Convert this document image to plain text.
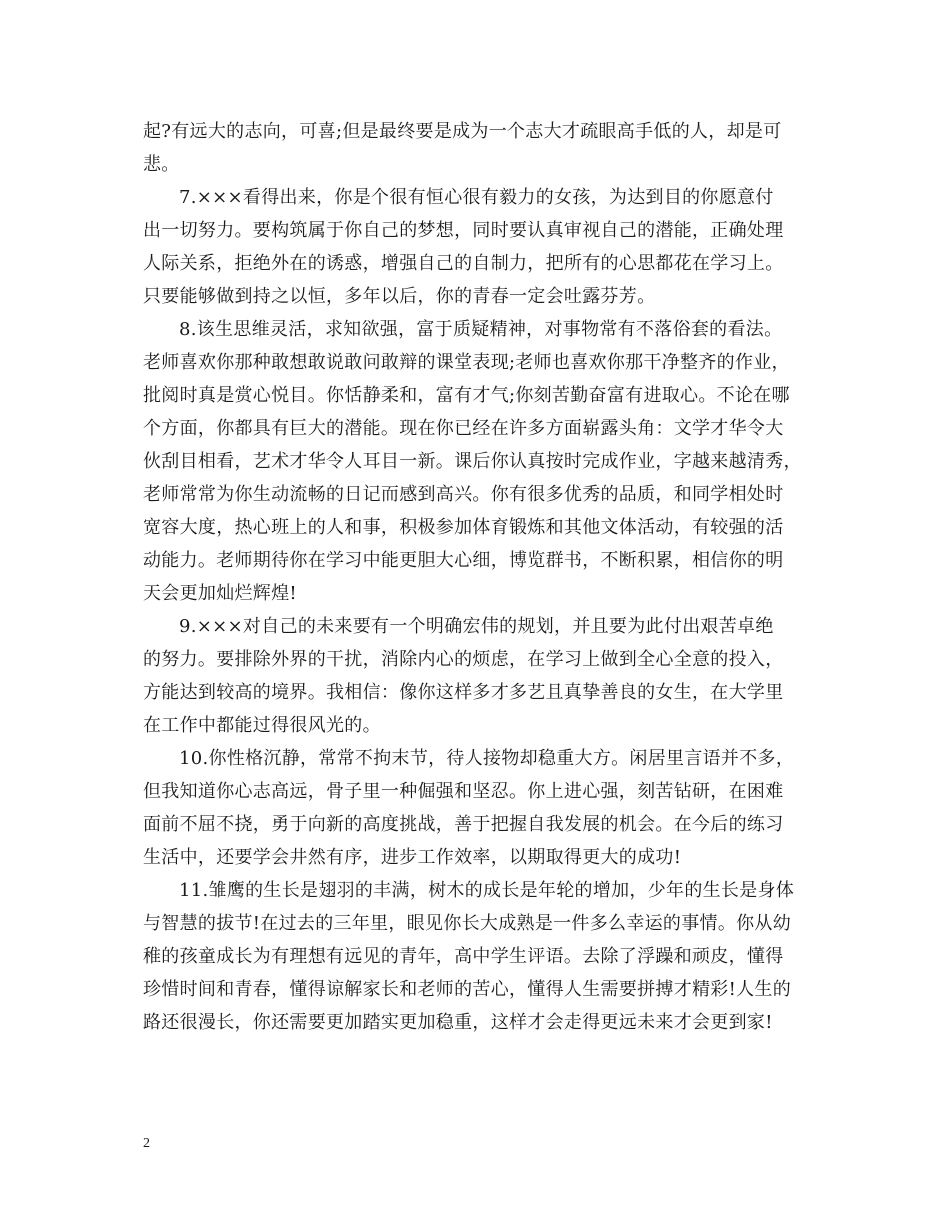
起?有远大的志向，可喜;但是最终要是成为一个志大才疏眼高手低的人，却是可
悲。
7.×××看得出来，你是个很有恒心很有毅力的女孩，为达到目的你愿意付
出一切努力。要构筑属于你自己的梦想，同时要认真审视自己的潜能，正确处理
人际关系，拒绝外在的诱惑，增强自己的自制力，把所有的心思都花在学习上。
只要能够做到持之以恒，多年以后，你的青春一定会吐露芬芳。
8.该生思维灵活，求知欲强，富于质疑精神，对事物常有不落俗套的看法。
老师喜欢你那种敢想敢说敢问敢辩的课堂表现;老师也喜欢你那干净整齐的作业，
批阅时真是赏心悦目。你恬静柔和，富有才气;你刻苦勤奋富有进取心。不论在哪
个方面，你都具有巨大的潜能。现在你已经在许多方面崭露头角：文学才华令大
伙刮目相看，艺术才华令人耳目一新。课后你认真按时完成作业，字越来越清秀，
老师常常为你生动流畅的日记而感到高兴。你有很多优秀的品质，和同学相处时
宽容大度，热心班上的人和事，积极参加体育锻炼和其他文体活动，有较强的活
动能力。老师期待你在学习中能更胆大心细，博览群书，不断积累，相信你的明
天会更加灿烂辉煌!
9.×××对自己的未来要有一个明确宏伟的规划，并且要为此付出艰苦卓绝
的努力。要排除外界的干扰，消除内心的烦虑，在学习上做到全心全意的投入，
方能达到较高的境界。我相信：像你这样多才多艺且真挚善良的女生，在大学里
在工作中都能过得很风光的。
10.你性格沉静，常常不拘末节，待人接物却稳重大方。闲居里言语并不多，
但我知道你心志高远，骨子里一种倔强和坚忍。你上进心强，刻苦钻研，在困难
面前不屈不挠，勇于向新的高度挑战，善于把握自我发展的机会。在今后的练习
生活中，还要学会井然有序，进步工作效率，以期取得更大的成功!
11.雏鹰的生长是翅羽的丰满，树木的成长是年轮的增加，少年的生长是身体
与智慧的拔节!在过去的三年里，眼见你长大成熟是一件多么幸运的事情。你从幼
稚的孩童成长为有理想有远见的青年，高中学生评语。去除了浮躁和顽皮，懂得
珍惜时间和青春，懂得谅解家长和老师的苦心，懂得人生需要拼搏才精彩!人生的
路还很漫长，你还需要更加踏实更加稳重，这样才会走得更远未来才会更到家!
2
